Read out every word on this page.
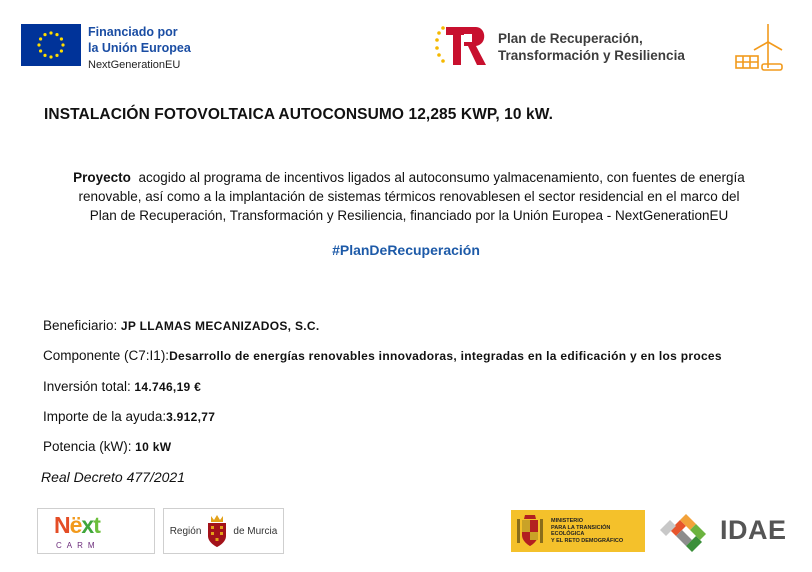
Financiado por
la Unión Europea
NextGenerationEU
Plan de Recuperación,
Transformación y Resiliencia
INSTALACIÓN FOTOVOLTAICA AUTOCONSUMO 12,285 KWP, 10 kW.
Proyecto  acogido al programa de incentivos ligados al autoconsumo yalmacenamiento, con fuentes de energía
renovable, así como a la implantación de sistemas térmicos renovablesen el sector residencial en el marco del
Plan de Recuperación, Transformación y Resiliencia, financiado por la Unión Europea - NextGenerationEU
#PlanDeRecuperación
Beneficiario: JP LLAMAS MECANIZADOS, S.C.
Componente (C7:I1):Desarrollo de energías renovables innovadoras, integradas en la edificación y en los proces
Inversión total: 14.746,19 €
Importe de la ayuda:3.912,77
Potencia (kW): 10 kW
Real Decreto 477/2021
Nëxt
CARM
Región	de Murcia
MINISTERIO
PARA LA TRANSICIÓN ECOLÓGICA
Y EL RETO DEMOGRÁFICO	IDAE
